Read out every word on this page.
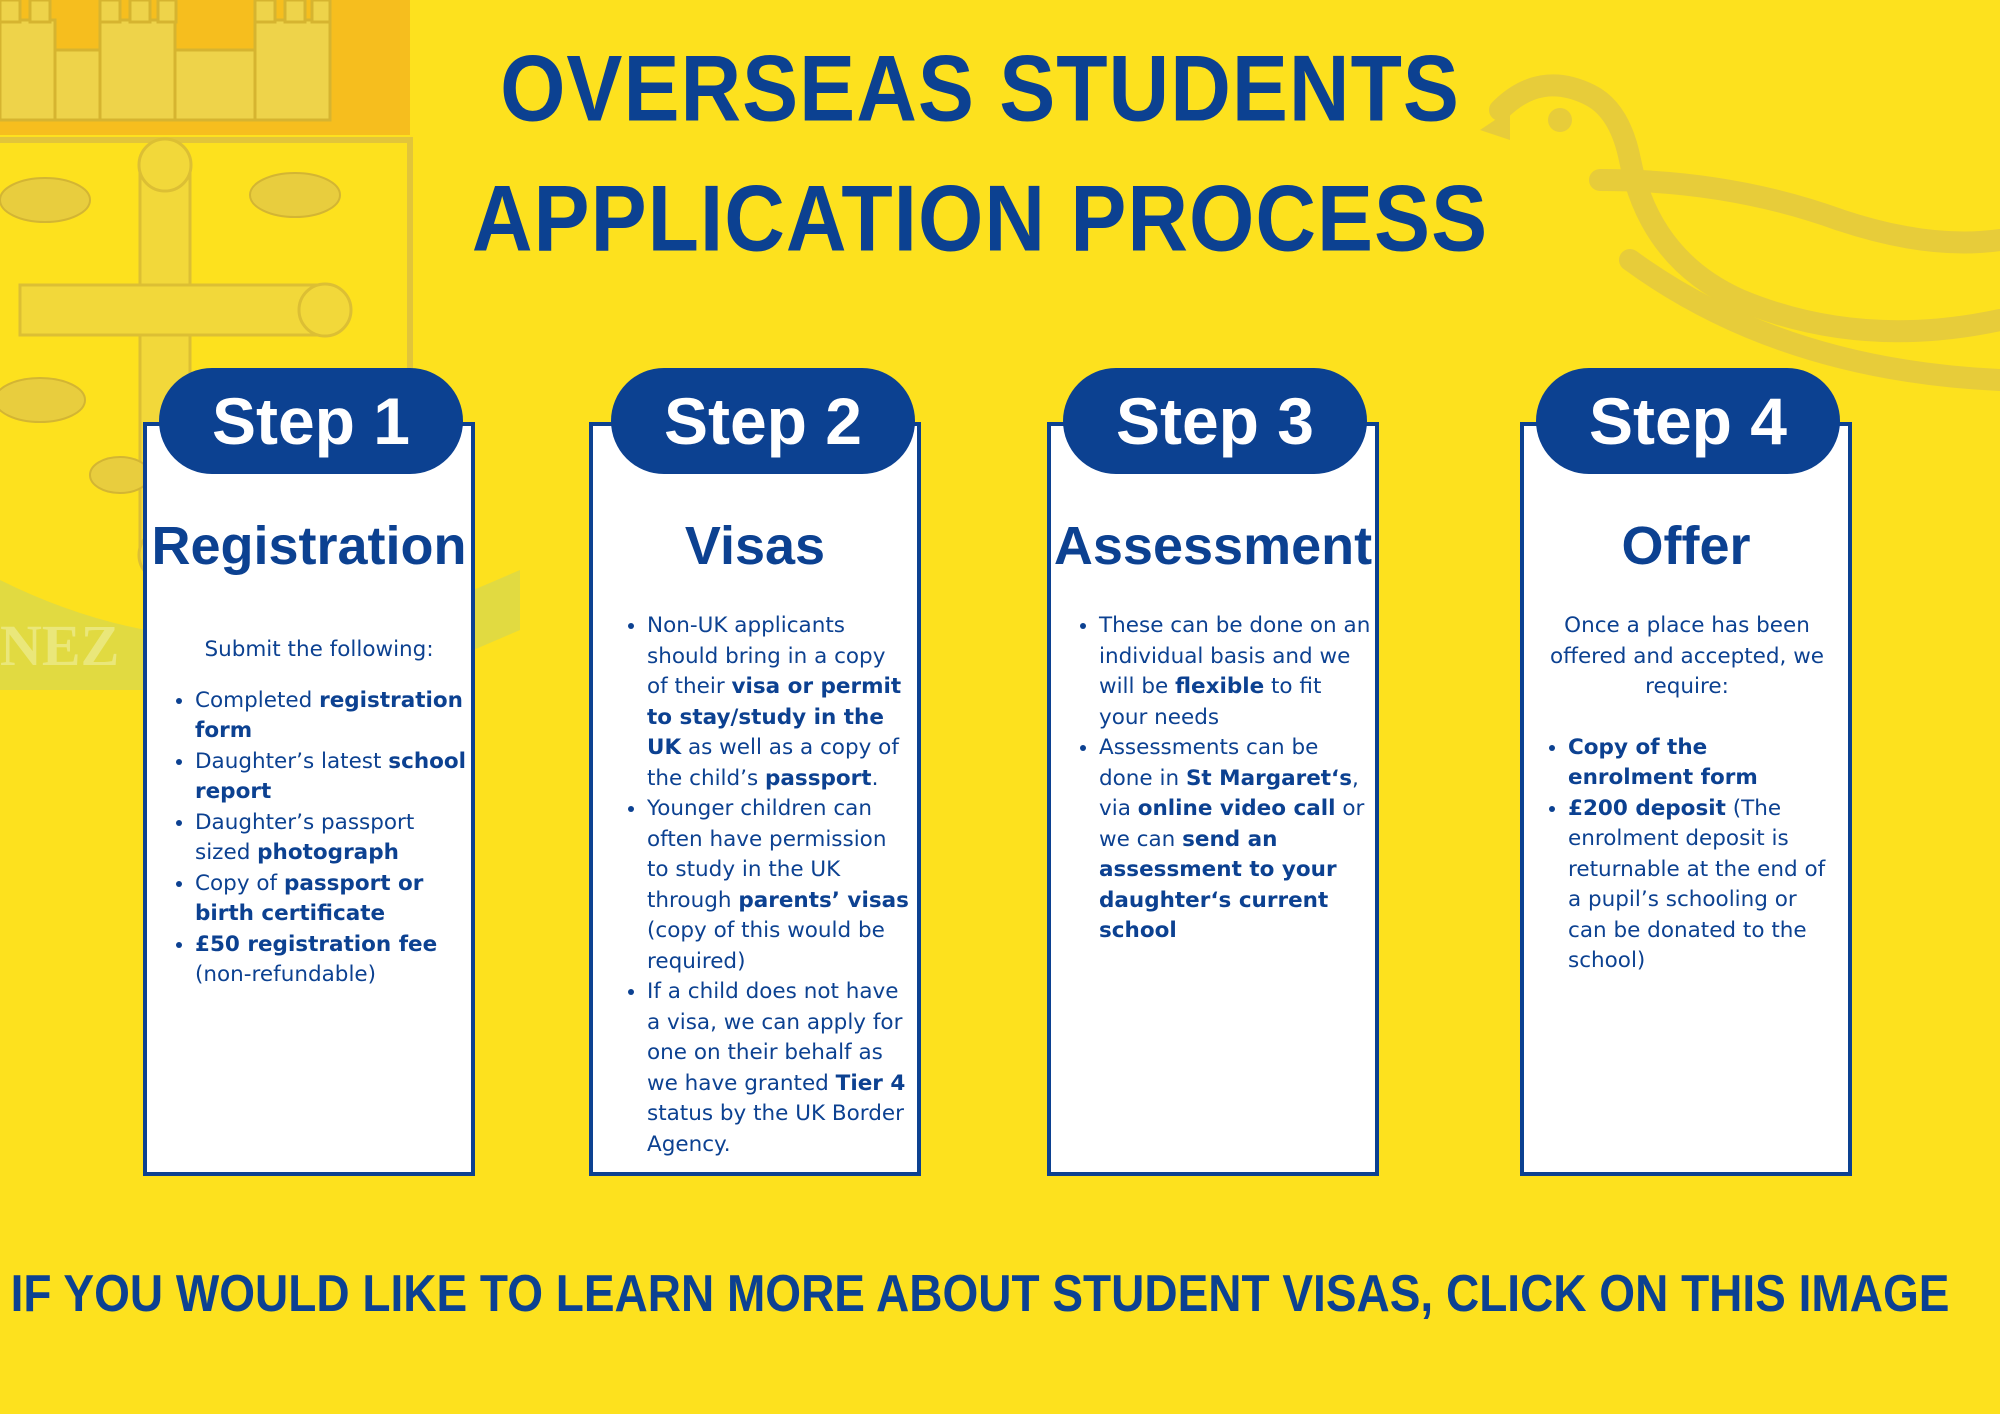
NEZ
OVERSEAS STUDENTS
APPLICATION PROCESS
Step 1
Registration
Submit the following:
• Completed registration form
• Daughter’s latest school report
• Daughter’s passport sized photograph
• Copy of passport or birth certificate
• £50 registration fee (non-refundable)
Step 2
Visas
• Non-UK applicants should bring in a copy of their visa or permit to stay/study in the UK as well as a copy of the child’s passport.
• Younger children can often have permission to study in the UK through parents’ visas (copy of this would be required)
• If a child does not have a visa, we can apply for one on their behalf as we have granted Tier 4 status by the UK Border Agency.
Step 3
Assessment
• These can be done on an individual basis and we will be flexible to fit your needs
• Assessments can be done in St Margaret‘s, via online video call or we can send an assessment to your daughter‘s current school
Step 4
Offer
Once a place has been offered and accepted, we require:
• Copy of the enrolment form
• £200 deposit (The enrolment deposit is returnable at the end of a pupil’s schooling or can be donated to the school)
IF YOU WOULD LIKE TO LEARN MORE ABOUT STUDENT VISAS, CLICK ON THIS IMAGE
